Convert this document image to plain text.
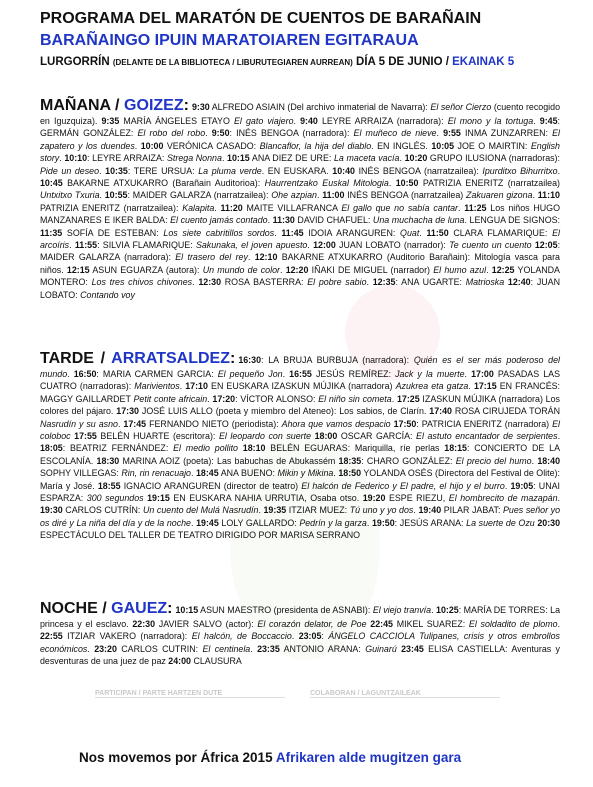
PARTICIPAN / PARTE HARTZEN DUTE	COLABORAN / LAGUNTZAILEAK
PROGRAMA DEL MARATÓN DE CUENTOS DE BARAÑAIN
BARAÑAINGO IPUIN MARATOIAREN EGITARAUA
LURGORRÍN (DELANTE DE LA BIBLIOTECA / LIBURUTEGIAREN AURREAN) DÍA 5 DE JUNIO / EKAINAK 5

MAÑANA / GOIZEZ: 9:30 ALFREDO ASIAIN (Del archivo inmaterial de Navarra): El señor Cierzo (cuento recogido en Iguzquiza). 9:35 MARÍA ÁNGELES ETAYO El gato viajero. 9:40 LEYRE ARRAIZA (narradora): El mono y la tortuga. 9:45: GERMÁN GONZÁLEZ: El robo del robo. 9:50: INÉS BENGOA (narradora): El muñeco de nieve. 9:55 INMA ZUNZARREN: El zapatero y los duendes. 10:00 VERÓNICA CASADO: Blancaflor, la hija del diablo. EN INGLÉS. 10:05 JOE O MAIRTIN: English story. 10:10: LEYRE ARRAIZA: Strega Nonna. 10:15 ANA DIEZ DE URE: La maceta vacía. 10:20 GRUPO ILUSIONA (narradoras): Pide un deseo. 10:35: TERE URSUA: La pluma verde. EN EUSKARA. 10:40 INÉS BENGOA (narratzailea): Ipurditxo Bihurritxo. 10:45 BAKARNE ATXUKARRO (Barañain Auditorioa): Haurrentzako Euskal Mitologia. 10:50 PATRIZIA ENERITZ (narratzailea) Untxitxo Txuria. 10:55: MAIDER GALARZA (narratzailea): Ohe azpian. 11:00 INÉS BENGOA (narratzailea) Zakuaren gizona. 11:10 PATRIZIA ENERITZ (narratzailea): Kalapita. 11:20 MAITE VILLAFRANCA El gallo que no sabía cantar. 11:25 Los niños HUGO MANZANARES E IKER BALDA: El cuento jamás contado. 11:30 DAVID CHAFUEL: Una muchacha de luna. LENGUA DE SIGNOS: 11:35 SOFÍA DE ESTEBAN: Los siete cabritillos sordos. 11:45 IDOIA ARANGUREN: Quat. 11:50 CLARA FLAMARIQUE: El arcoíris. 11:55: SILVIA FLAMARIQUE: Sakunaka, el joven apuesto. 12:00 JUAN LOBATO (narrador): Te cuento un cuento 12:05: MAIDER GALARZA (narradora): El trasero del rey. 12:10 BAKARNE ATXUKARRO (Auditorio Barañain): Mitología vasca para niños. 12:15 ASUN EGUARZA (autora): Un mundo de color. 12:20 IÑAKI DE MIGUEL (narrador) El humo azul. 12:25 YOLANDA MONTERO: Los tres chivos chivones. 12:30 ROSA BASTERRA: El pobre sabio. 12:35: ANA UGARTE: Matrioska 12:40: JUAN LOBATO: Contando voy

TARDE / ARRATSALDEZ: 16:30: LA BRUJA BURBUJA (narradora): Quién es el ser más poderoso del mundo. 16:50: MARIA CARMEN GARCIA: El pequeño Jon. 16:55 JESÚS REMÍREZ: Jack y la muerte. 17:00 PASADAS LAS CUATRO (narradoras): Marivientos. 17:10 EN EUSKARA IZASKUN MÚJIKA (narradora) Azukrea eta gatza. 17:15 EN FRANCÉS: MAGGY GAILLARDET Petit conte africain. 17:20: VÍCTOR ALONSO: El niño sin cometa. 17:25 IZASKUN MÚJIKA (narradora) Los colores del pájaro. 17:30 JOSÉ LUIS ALLO (poeta y miembro del Ateneo): Los sabios, de Clarín. 17:40 ROSA CIRUJEDA TORÁN Nasrudín y su asno. 17:45 FERNANDO NIETO (periodista): Ahora que vamos despacio 17:50: PATRICIA ENERITZ (narradora) El coloboc 17:55 BELÉN HUARTE (escritora): El leopardo con suerte 18:00 OSCAR GARCÍA: El astuto encantador de serpientes. 18:05: BEATRIZ FERNÁNDEZ: El medio pollito 18:10 BELÉN EGUARAS: Mariquilla, ríe perlas 18:15: CONCIERTO DE LA ESCOLANÍA. 18:30 MARINA AOIZ (poeta): Las babuchas de Abukassém 18:35: CHARO GONZÁLEZ: El precio del humo. 18:40 SOPHY VILLEGAS: Rin, rin renacuajo. 18:45 ANA BUENO: Mikin y Mikina. 18:50 YOLANDA OSÉS (Directora del Festival de Olite): María y José. 18:55 IGNACIO ARANGUREN (director de teatro) El halcón de Federico y El padre, el hijo y el burro. 19:05: UNAI ESPARZA: 300 segundos 19:15 EN EUSKARA NAHIA URRUTIA, Osaba otso. 19:20 ESPE RIEZU, El hombrecito de mazapán. 19:30 CARLOS CUTRÍN: Un cuento del Mulá Nasrudín. 19:35 ITZIAR MUEZ: Tú uno y yo dos. 19:40 PILAR JABAT: Pues señor yo os diré y La niña del día y de la noche. 19:45 LOLY GALLARDO: Pedrín y la garza. 19:50: JESÚS ARANA: La suerte de Ozu 20:30 ESPECTÁCULO DEL TALLER DE TEATRO DIRIGIDO POR MARISA SERRANO

NOCHE / GAUEZ: 10:15 ASUN MAESTRO (presidenta de ASNABI): El viejo tranvía. 10:25: MARÍA DE TORRES: La princesa y el esclavo. 22:30 JAVIER SALVO (actor): El corazón delator, de Poe 22:45 MIKEL SUAREZ: El soldadito de plomo. 22:55 ITZIAR VAKERO (narradora): El halcón, de Boccaccio. 23:05: ÁNGELO CACCIOLA Tulipanes, crisis y otros embrollos económicos. 23:20 CARLOS CUTRIN: El centinela. 23:35 ANTONIO ARANA: Guinarú 23:45 ELISA CASTIELLA: Aventuras y desventuras de una juez de paz 24:00 CLAUSURA

Nos movemos por África 2015 Afrikaren alde mugitzen gara
